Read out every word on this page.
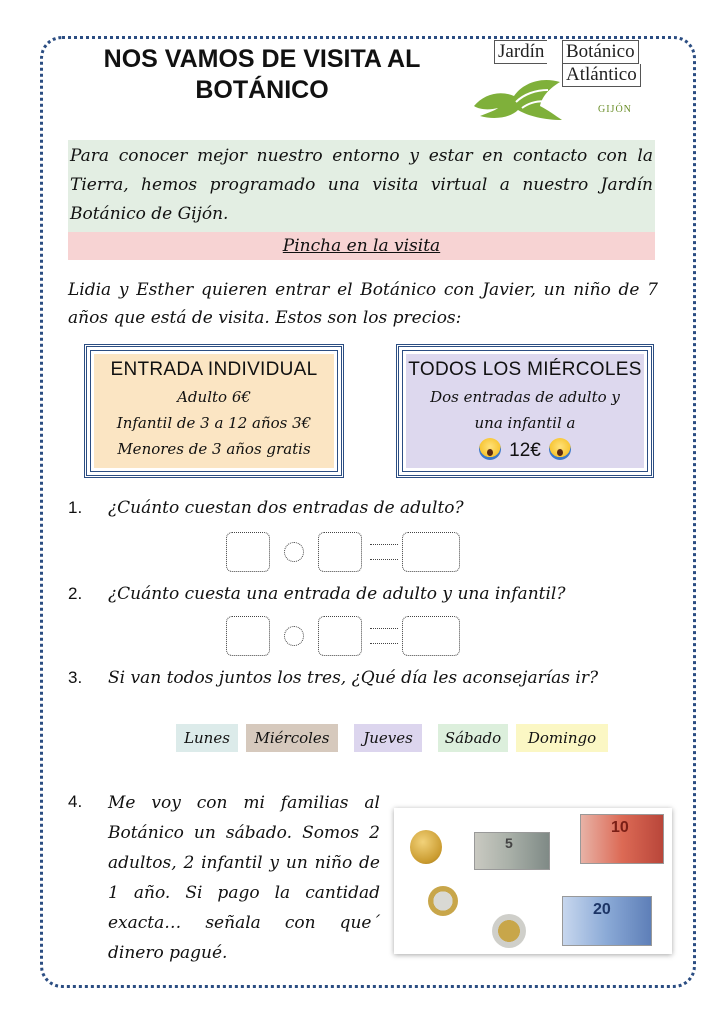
NOS VAMOS DE VISITA AL
BOTÁNICO
Jardín Botánico
Atlántico
GIJÓN
Para conocer mejor nuestro entorno y estar en contacto con la Tierra, hemos programado una visita virtual a nuestro Jardín Botánico de Gijón.
Pincha en la visita
Lidia y Esther quieren entrar el Botánico con Javier, un niño de 7 años que está de visita. Estos son los precios:
ENTRADA INDIVIDUAL

Adulto 6€

Infantil de 3 a 12 años 3€

Menores de 3 años gratis

TODOS LOS MIÉRCOLES

Dos entradas de adulto y

una infantil a

12€

1. ¿Cuánto cuestan dos entradas de adulto?
2. ¿Cuánto cuesta una entrada de adulto y una infantil?
3. Si van todos juntos los tres, ¿Qué día les aconsejarías ir?
Lunes	Miércoles	Jueves	Sábado	Domingo
4. Me voy con mi familias al Botánico un sábado. Somos 2 adultos, 2 infantil y un niño de 1 año. Si pago la cantidad exacta… señala con que´ dinero pagué.
5
10
20
